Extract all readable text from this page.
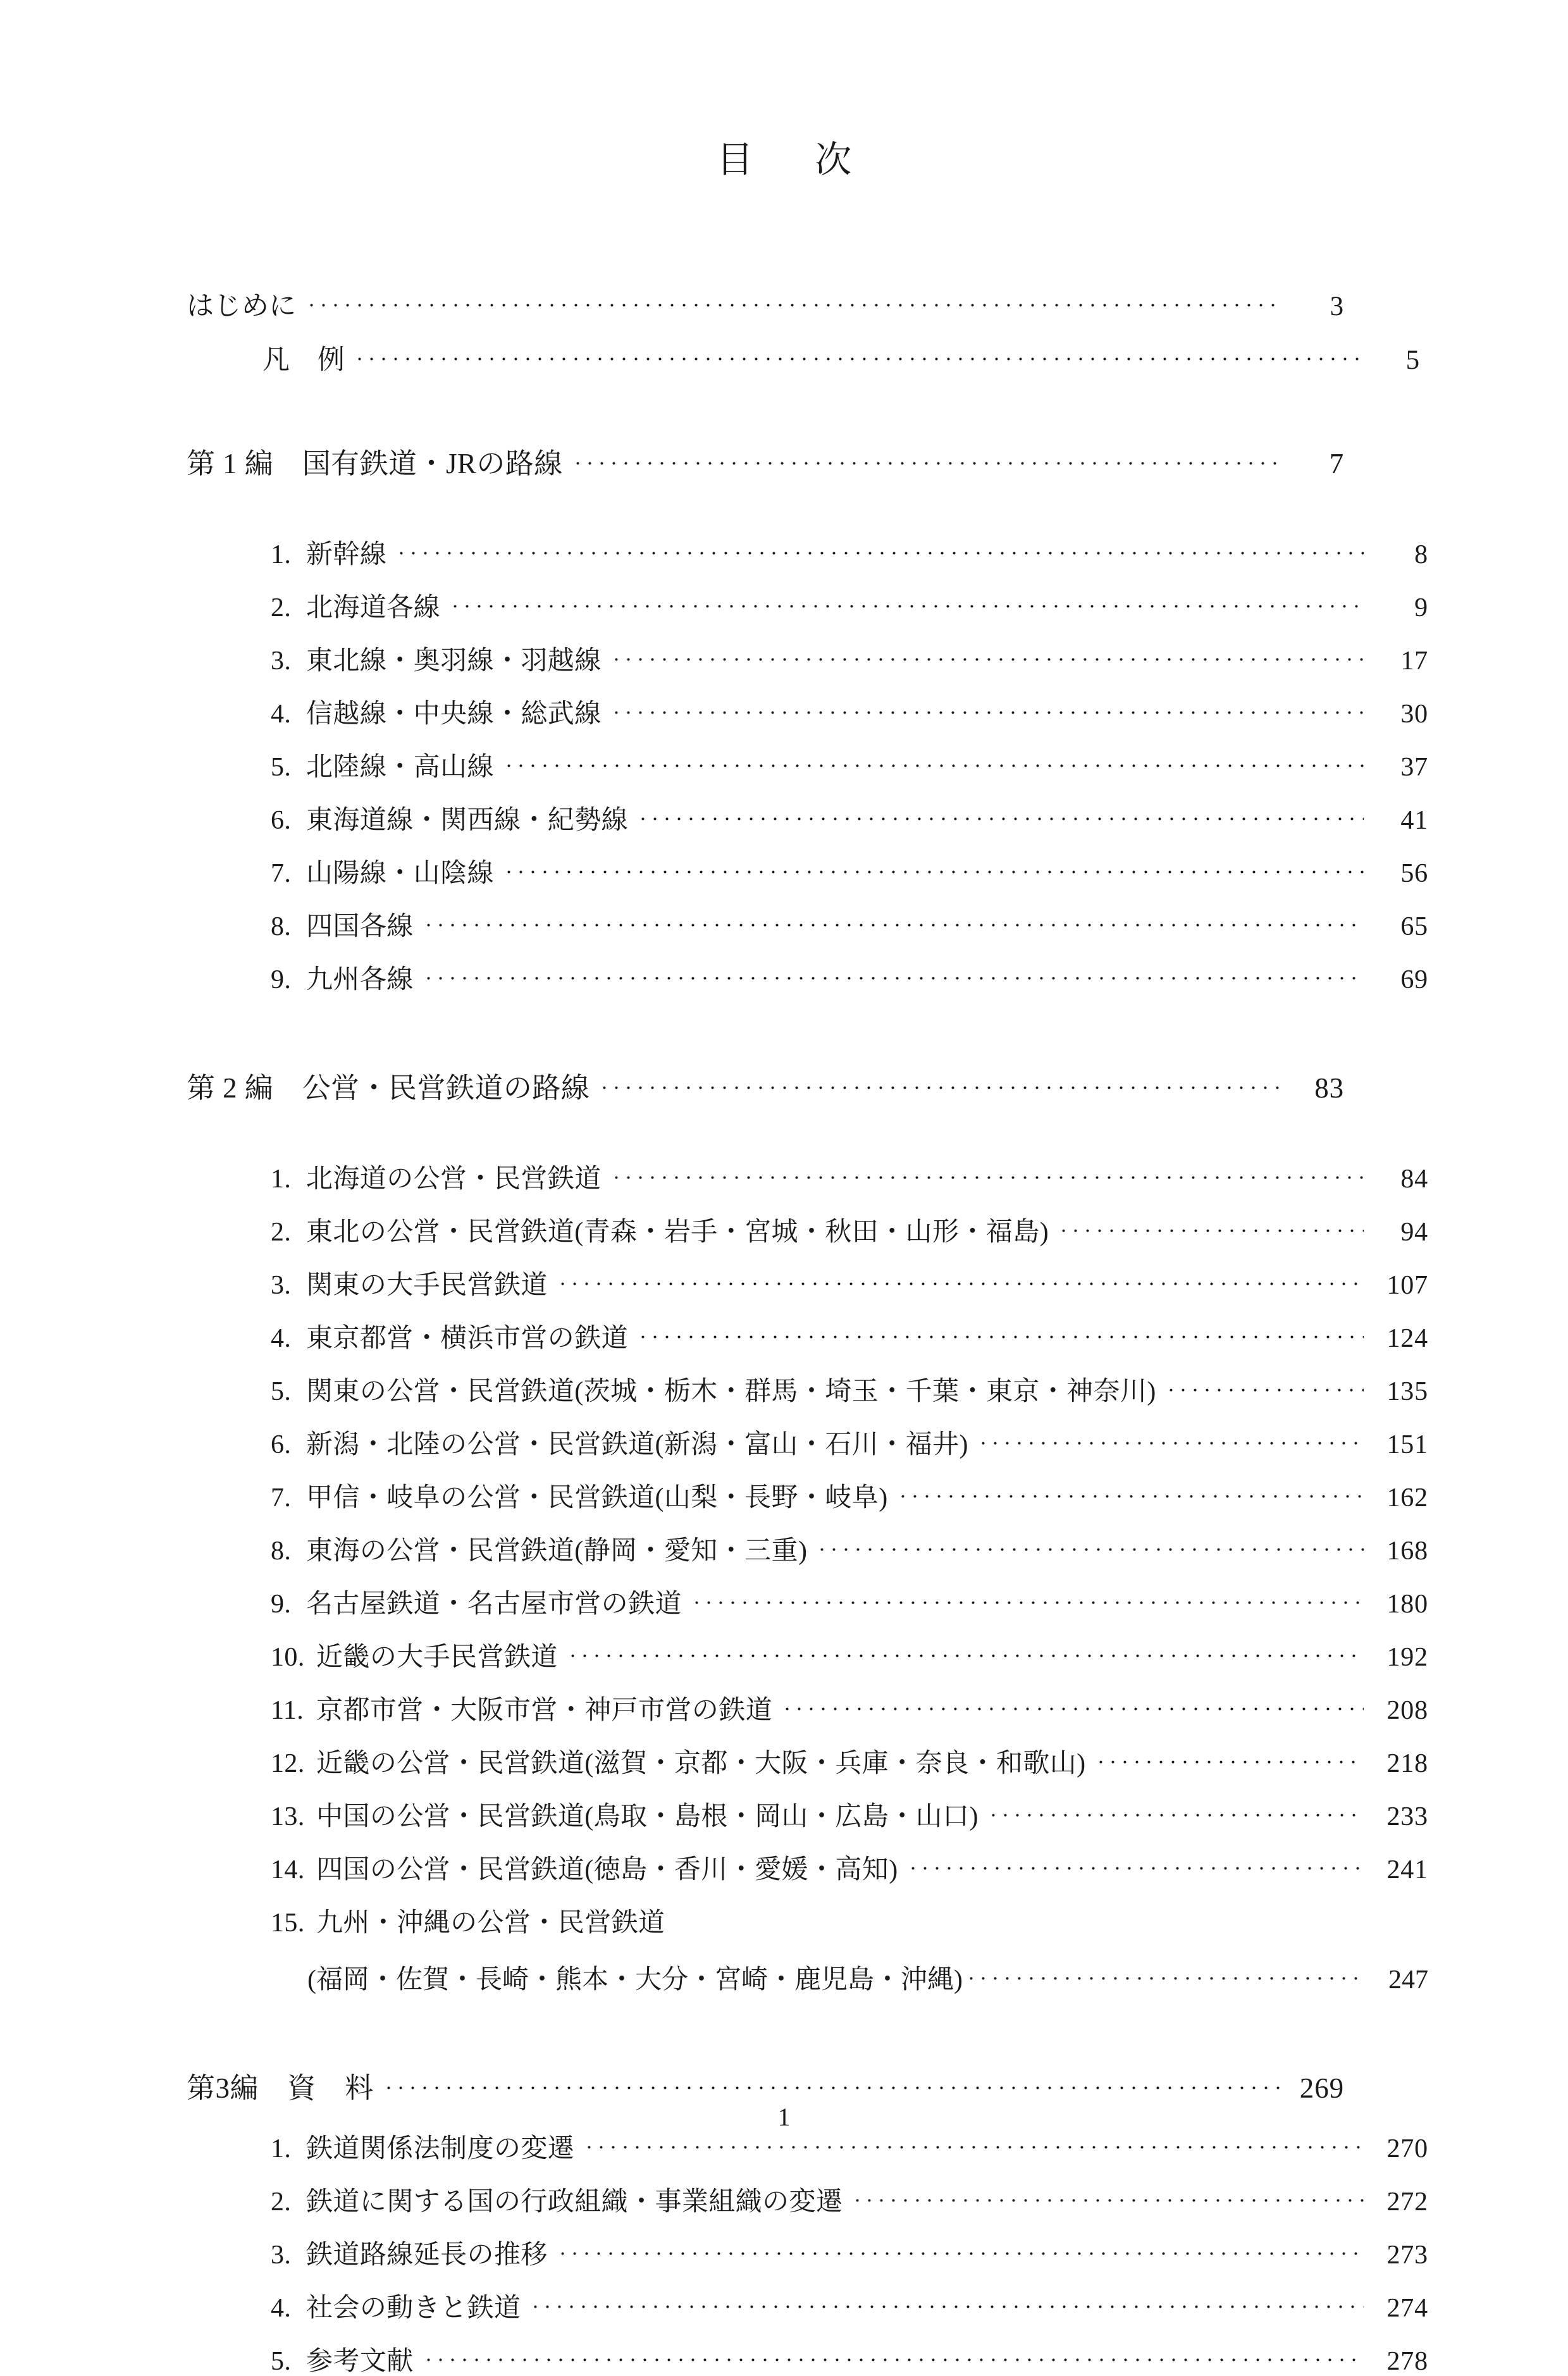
目　次
はじめに	3
凡　例	5
第 1 編　国有鉄道・JRの路線	7
1. 新幹線	8
2. 北海道各線	9
3. 東北線・奥羽線・羽越線	17
4. 信越線・中央線・総武線	30
5. 北陸線・高山線	37
6. 東海道線・関西線・紀勢線	41
7. 山陽線・山陰線	56
8. 四国各線	65
9. 九州各線	69
第 2 編　公営・民営鉄道の路線	83
1. 北海道の公営・民営鉄道	84
2. 東北の公営・民営鉄道(青森・岩手・宮城・秋田・山形・福島)	94
3. 関東の大手民営鉄道	107
4. 東京都営・横浜市営の鉄道	124
5. 関東の公営・民営鉄道(茨城・栃木・群馬・埼玉・千葉・東京・神奈川)	135
6. 新潟・北陸の公営・民営鉄道(新潟・富山・石川・福井)	151
7. 甲信・岐阜の公営・民営鉄道(山梨・長野・岐阜)	162
8. 東海の公営・民営鉄道(静岡・愛知・三重)	168
9. 名古屋鉄道・名古屋市営の鉄道	180
10. 近畿の大手民営鉄道	192
11. 京都市営・大阪市営・神戸市営の鉄道	208
12. 近畿の公営・民営鉄道(滋賀・京都・大阪・兵庫・奈良・和歌山)	218
13. 中国の公営・民営鉄道(鳥取・島根・岡山・広島・山口)	233
14. 四国の公営・民営鉄道(徳島・香川・愛媛・高知)	241
15. 九州・沖縄の公営・民営鉄道
(福岡・佐賀・長崎・熊本・大分・宮崎・鹿児島・沖縄)	247
第3編　資　料	269
1. 鉄道関係法制度の変遷	270
2. 鉄道に関する国の行政組織・事業組織の変遷	272
3. 鉄道路線延長の推移	273
4. 社会の動きと鉄道	274
5. 参考文献	278
1
